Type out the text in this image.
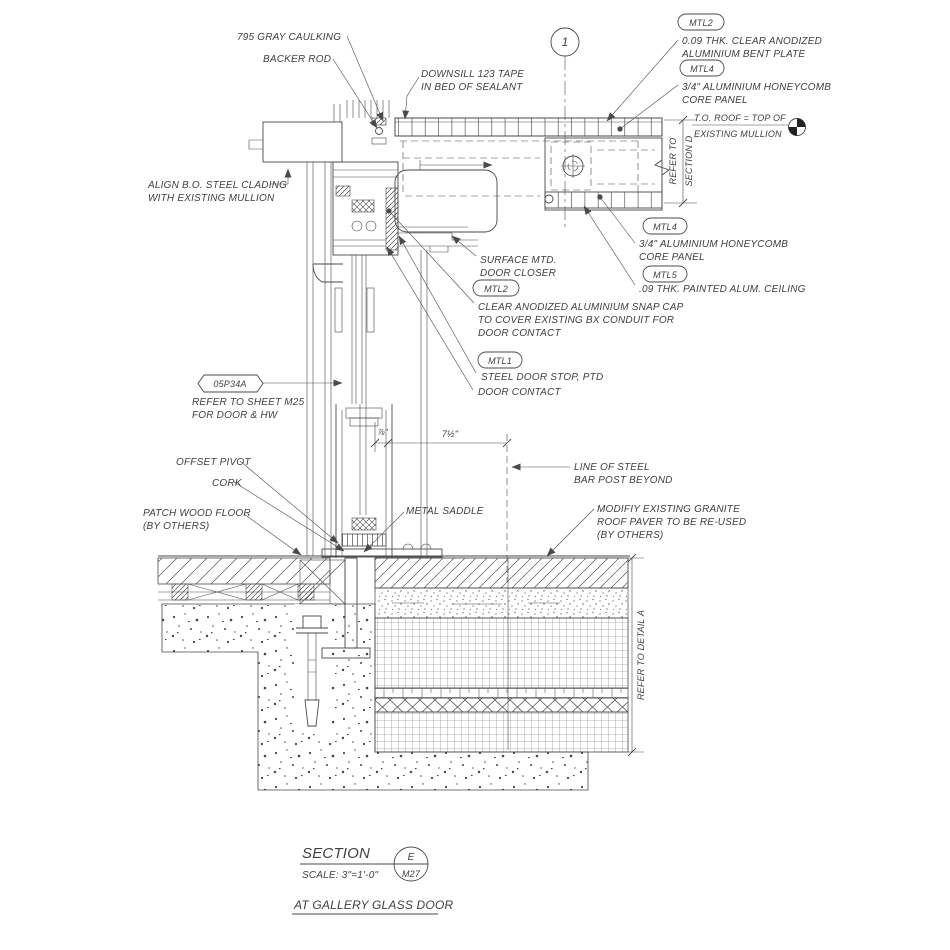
795 GRAY CAULKING
BACKER ROD
DOWNSILL 123 TAPE
IN BED OF SEALANT
1
MTL2
0.09 THK. CLEAR ANODIZED
ALUMINIUM BENT PLATE
MTL4
3/4" ALUMINIUM HONEYCOMB
CORE PANEL
T.O. ROOF = TOP OF
EXISTING MULLION
REFER TO SECTION D
MTL4
3/4" ALUMINIUM HONEYCOMB
CORE PANEL
MTL5
.09 THK. PAINTED ALUM. CEILING
ALIGN B.O. STEEL CLADING
WITH EXISTING MULLION
SURFACE MTD.
DOOR CLOSER
MTL2
CLEAR ANODIZED ALUMINIUM SNAP CAP
TO COVER EXISTING BX CONDUIT FOR
DOOR CONTACT
MTL1
STEEL DOOR STOP, PTD
DOOR CONTACT
05P34A
REFER TO SHEET M25
FOR DOOR & HW
OFFSET PIVOT
CORK
PATCH WOOD FLOOR
(BY OTHERS)
METAL SADDLE
LINE OF STEEL
BAR POST BEYOND
MODIFIY EXISTING GRANITE
ROOF PAVER TO BE RE-USED
(BY OTHERS)
REFER TO DETAIL A
⅞"	7½"
SECTION
SCALE: 3"=1'-0"
E
M27
AT GALLERY GLASS DOOR
